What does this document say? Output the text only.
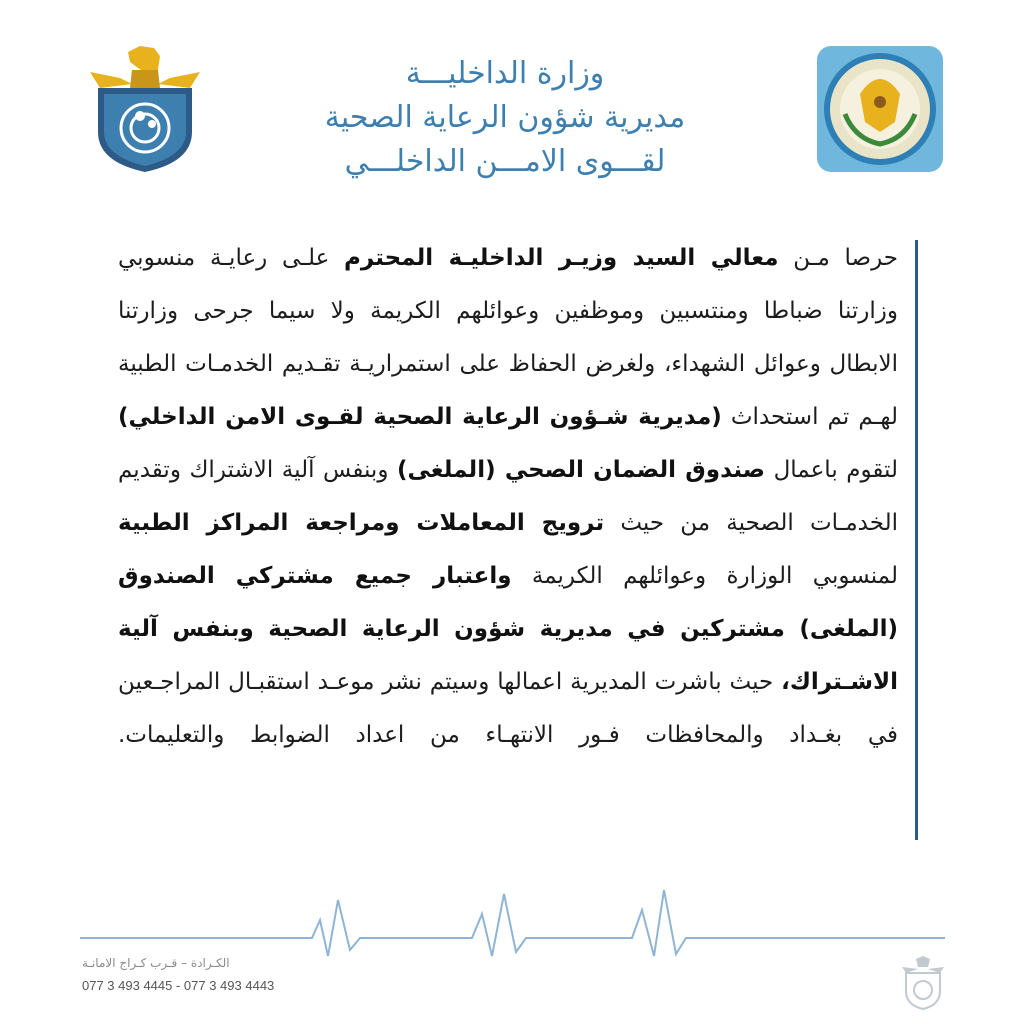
وزارة الداخليـــة
مديرية شؤون الرعاية الصحية
لقـــوى الامـــن الداخلـــي
حرصا مـن معالي السيد وزيـر الداخليـة المحترم علـى رعايـة منسوبي وزارتنا ضباطا ومنتسبين وموظفين وعوائلهم الكريمة ولا سيما جرحى وزارتنا الابطال وعوائل الشهداء، ولغرض الحفاظ على استمراريـة تقـديم الخدمـات الطبية لهـم تم استحداث (مديرية شـؤون الرعاية الصحية لقـوى الامن الداخلي) لتقوم باعمال صندوق الضمان الصحي (الملغى) وبنفس آلية الاشتراك وتقديم الخدمـات الصحية من حيث ترويج المعاملات ومراجعة المراكز الطبية لمنسوبي الوزارة وعوائلهم الكريمة واعتبار جميع مشتركي الصندوق (الملغى) مشتركين في مديرية شؤون الرعاية الصحية وبنفس آلية الاشـتراك، حيث باشرت المديرية اعمالها وسيتم نشر موعـد استقبـال المراجـعين في بغـداد والمحافظات فـور الانتهـاء من اعداد الضوابط والتعليمات.
الكـرادة – قـرب كـراج الامانـة
077 3 493 4445 - 077 3 493 4443
